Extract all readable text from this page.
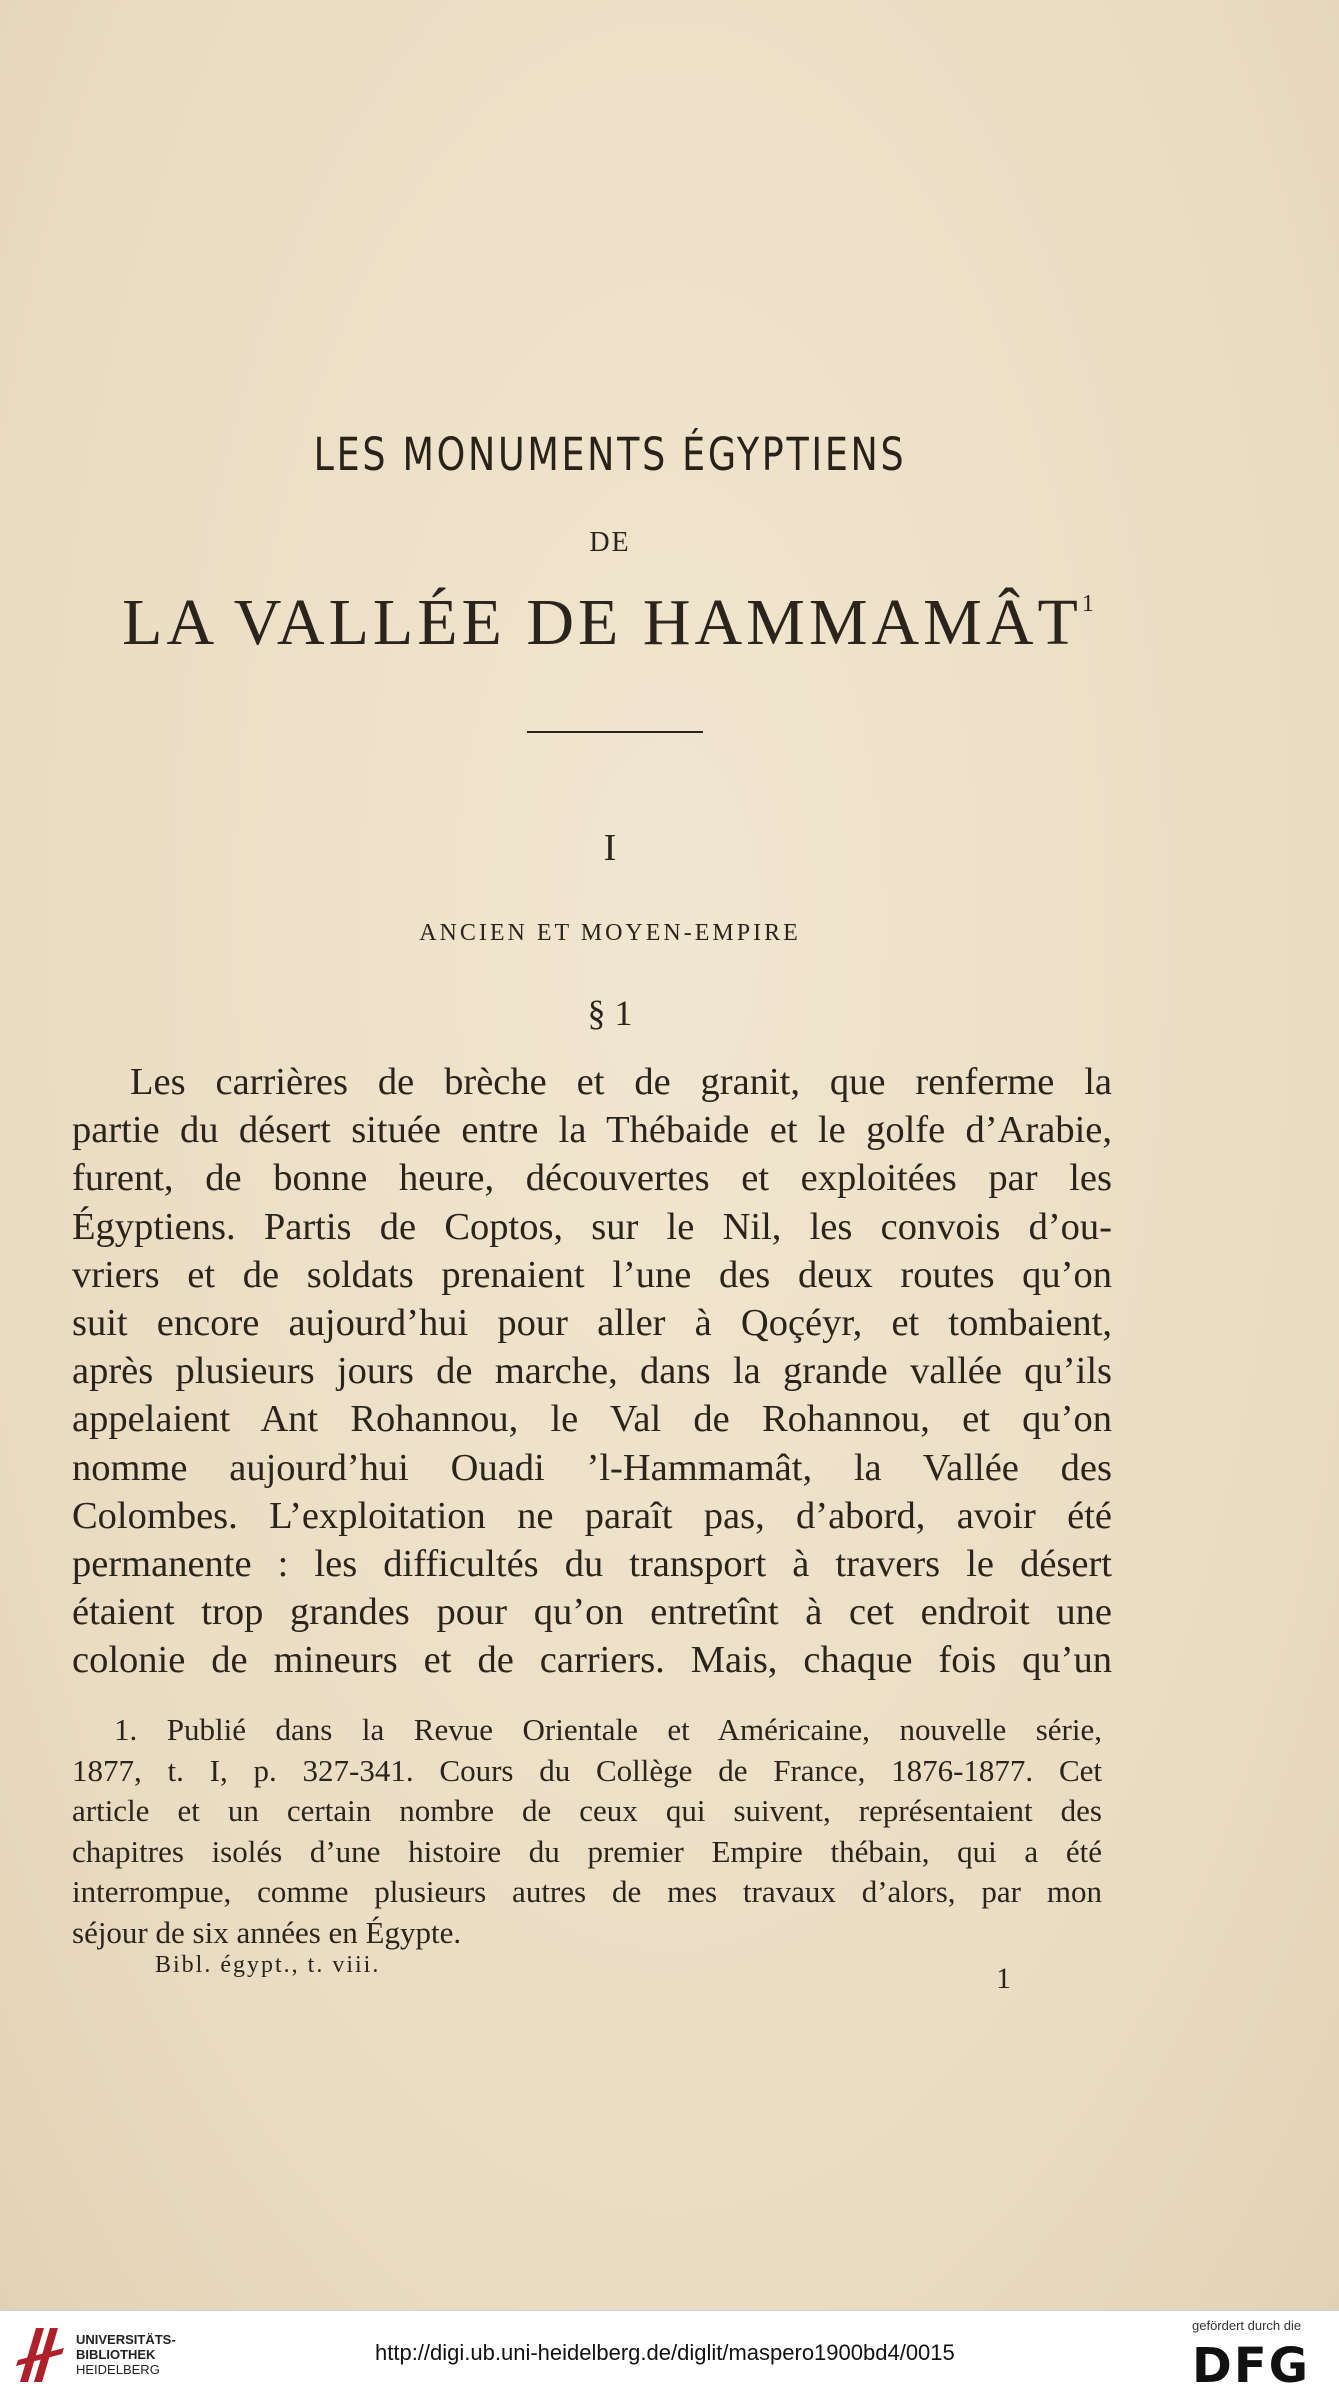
LES MONUMENTS ÉGYPTIENS
DE
LA VALLÉE DE HAMMAMÂT$^1$
I
ANCIEN ET MOYEN-EMPIRE
§ 1
Les carrières de brèche et de granit, que renferme la
partie du désert située entre la Thébaide et le golfe d’Arabie,
furent, de bonne heure, découvertes et exploitées par les
Égyptiens. Partis de Coptos, sur le Nil, les convois d’ou-
vriers et de soldats prenaient l’une des deux routes qu’on
suit encore aujourd’hui pour aller à Qoçéyr, et tombaient,
après plusieurs jours de marche, dans la grande vallée qu’ils
appelaient Ant Rohannou, le Val de Rohannou, et qu’on
nomme aujourd’hui Ouadi ’l-Hammamât, la Vallée des
Colombes. L’exploitation ne paraît pas, d’abord, avoir été
permanente : les difficultés du transport à travers le désert
étaient trop grandes pour qu’on entretînt à cet endroit une
colonie de mineurs et de carriers. Mais, chaque fois qu’un
1. Publié dans la Revue Orientale et Américaine, nouvelle série,
1877, t. I, p. 327-341. Cours du Collège de France, 1876-1877. Cet
article et un certain nombre de ceux qui suivent, représentaient des
chapitres isolés d’une histoire du premier Empire thébain, qui a été
interrompue, comme plusieurs autres de mes travaux d’alors, par mon
séjour de six années en Égypte.
Bibl. égypt., t. viii.	1
UNIVERSITÄTS-
BIBLIOTHEK
HEIDELBERG
http://digi.ub.uni-heidelberg.de/diglit/maspero1900bd4/0015
gefördert durch die
DFG
